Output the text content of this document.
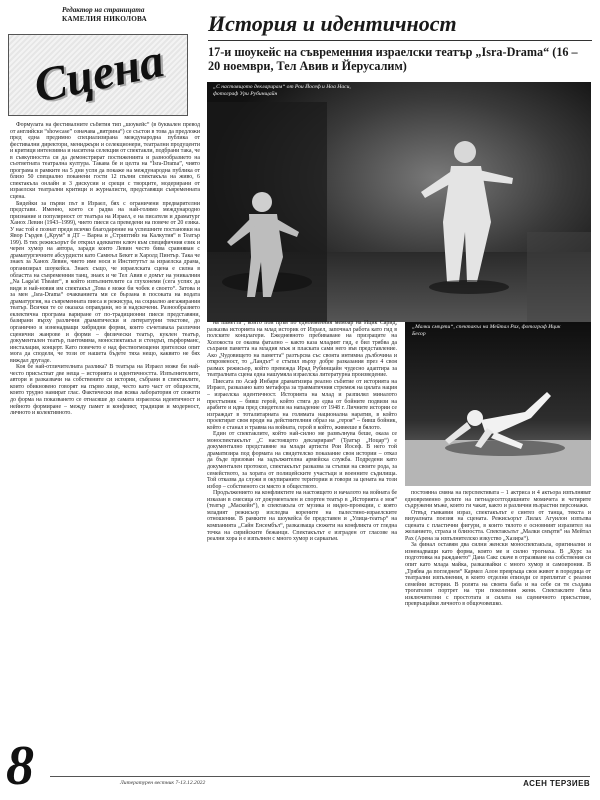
Редактор на страницата
КАМЕЛИЯ НИКОЛОВА
Сцена
История и идентичност
17-и шоукейс на съвременния израелски театър „Isra-Drama“ (16 – 20 ноември, Тел Авив и Йерусалим)
„С настоящото декларирам“ от Рои Йосеф и Ноа Наси, фотограф Ури Рубинщайн
„Малки смърти“, спектакъл на Мейтал Рах, фотограф Ицик Бесор

Формулата на фестивалните събития тип „шоукейс“ (в буквален превод от английски “showcase” означава „витрина“) се състои в това да предложи пред една предимно специализирана международна публика от фестивални директори, мениджъри и селекционери, театрални продуценти и критици интензивна и наситена селекция от спектакли, подбрани така, че в съвкупността си да демонстрират постиженията и разнообразието на съответната театрална култура. Такава бе и целта на “Isra-Drama”, чиято програма в рамките на 5 дни успя да покаже на международна публика от близо 50 специално поканени гости 12 пълни спектакъла на живо, 6 спектакъла онлайн и 3 дискусии и срещи с творците, модерирани от израелски театрални критици и журналисти, представящи съвременната сцена.

Бидейки за първи път в Израел, бях с ограничени предварителни представи. Именно, което се радва на най-голямо международно признание и популярност от театъра на Израел, е на писателя и драматург Ханох Левин (1943–1999), чието пиеси са преведени на повече от 20 езика. У нас той е познат преди всичко благодарение на успешните постановки на Явор Гърдев („Крум“ в ДТ – Варна и „Стриптийз на Калкутия“ в Театър 199). В тях режисьорът бе открил адекватен ключ към специфичния език и черен хумор на автора, заради които Левин често бива сравняван с драматургичните абсурдисти като Самюъл Бекет и Харолд Пинтър. Така че знаех за Ханох Левин, чието име носи и Институтът за израелска драма, организирал шоукейса. Знаех също, че израелската сцена е силна в областта на съвременния танц, знаех и че Тел Авив е домът на уникалния „Na Laga'at Theater“, в който изпълнителите са глухонеми (сега успях да видя и най-новия им спектакъл „Това е може би чобек е своето“. Затова и за мен „Isra-Drama“ очакваниета ми се бързана в посоката на водата драматургия, на съвременната пиеса и режисура, на социално ангажирания театър. Всички те се оказаха оправдани, но и надскочени. Разнообразието еклектична програма вариране от по-традиционни пиеси представяни, базирани върху различни драматически и литературни текстове, до органично и изненадващи хибридни форми, които съчетаваха различни сценични жанрове и форми – физически театър, куклен театър, документален театър, пантомима, моноспектакъл и стендъп, пърформанс, инсталация, концерт. Като повечето е над фестиогмощени зрителски опит мога да споделя, че този от нашета бъдете тяха нещо, каквито не бях виждал другаде.

Коя бе най-отличителната разлика? В театъра на Израел може би най-често присъстват две неща – историята и идентичността. Изпълнителите, автори и разказвачи на собствените си истории, събрани в спектаклите, които обикновено говорят на първо лице, често като част от общности, които трудно намират глас. Фактически във всяка лаборатория от сюжети до форма на показването се отнасяше до самата израелска идентичност и нейното формиране – между памет и конфликт, традиция и модерност, личното и колективното.

на паметта“, който пой пръв по еднoименния мемоар на Ицик Сарид, разказва историята на млад историк от Израел, започнал работа като гид в полските концлагери. Ежедневното пребиваване на призраците на Холокоста се оказва фатално – както каза младият гид, е бил трябва да съхрани паметта на младия мъж и пласката сами него във представление. Ако „Чудовището на паметта“ разтърсва със своята интимна дълбочина и откровеност, то „Ландът“ е стъпил върху добре разказания през 4 своя размах режисьор, който превежда Ирад Рубинщайн чудесно адаптира за театралната сцена една нашумяла израелска литературна произведение.

Пиесата по Асаф Инбари драматизира реално събитие от историята на Израел, разказано като метафора за травматичния стремеж на цялата нация – израелска идентичност. Историята на млад и разпилял миналото престъпник – бивш герой, който стига до едва от бойните подвизи на арабите и идва пред свидетели на нападение от 1948 г. Личните истории се изграждат в тоталитарната на голямата национална наратив, в който проектират своя вроди на действителния образ на „героя“ – бивш бойник, който е станал и травма на войната, герой в който, живееше в бялото.

Един от спектаклите, който най-силно ме развълнува беше, оказа се моноспектакълът „С настоящото декларирам“ (Театър „Ноцар“) е документално представяне на млади артисти Рои Йосеф. В него той драматизира под формата на свидетелско показание своя истории – отказ да бъде призован на задължителна армейска служба. Подредени като документален протокол, спектакълът разказва за стъпки на своите рода, за семейството, за хората от полицейските участъци и военните съдилища. Той отказва да служи в окупираните територии и говори за цената на този избор – собственото си място в обществото.

Продължението на конфликтите на настоящето и началото на войната бе изказан в смесица от документален и спортен театър в „Историята е моя“ (театър „Маскейн“), в спектакъла от музика и видео-проекции, с която младият режисьор изследва корените на палестино-израелските отношения. В рамките на шоукейса бе представен и „Улица-театър“ на компанията „Сайн Енсембъл“, разказваща сюжети на конфликта от гледна точка на сирийските бежанци. Спектакълът е изграден от гласове на реални хора и е изпълнен с много хумор и сарказъм.

постоянна смяна на перспективата – 1 актриса и 4 актьора изпълняват едновременно ролите на петнадесетгодишните момичета и четирите съдружени мъже, които ги чакат, както и различни възрастни персонажи.

Отвъд гъвкавия израз, спектакълът е синтез от танца, текста и визуалната поезия на сцената. Режисьорът Лилах Агуилон изпълва сцената с пластични фигури, в които тялото е основният изразител на желанието, страха и близостта. Спектакълът „Малки смърти“ на Мейтал Рах (Арена за изпълнителско изкуство „Хазира“).

За финал оставям два силни женски моноспектакъла, оригинални и изненадващи като форма, които ме и силно трогнаха. В „Курс за подготовка на раждането“ Дана Сакс скаче в отразяване на собствения си опит като млада майка, разказвайки с много хумор и самоирония. В „Трябва да погледнем“ Кармел Алон превръща своя живот в поредица от театрални изпълнения, в които отделни епизоди се преплитат с реални семейни истории. В ролята на своята баба и на себе си тя създава трогателен портрет на три поколения жени. Спектаклите бяха изключителни с простотата и силата на сценичното присъствие, превръщайки личното в общочовешко.

8	Литературен вестник 7-13.12.2022	АСЕН ТЕРЗИЕВ
